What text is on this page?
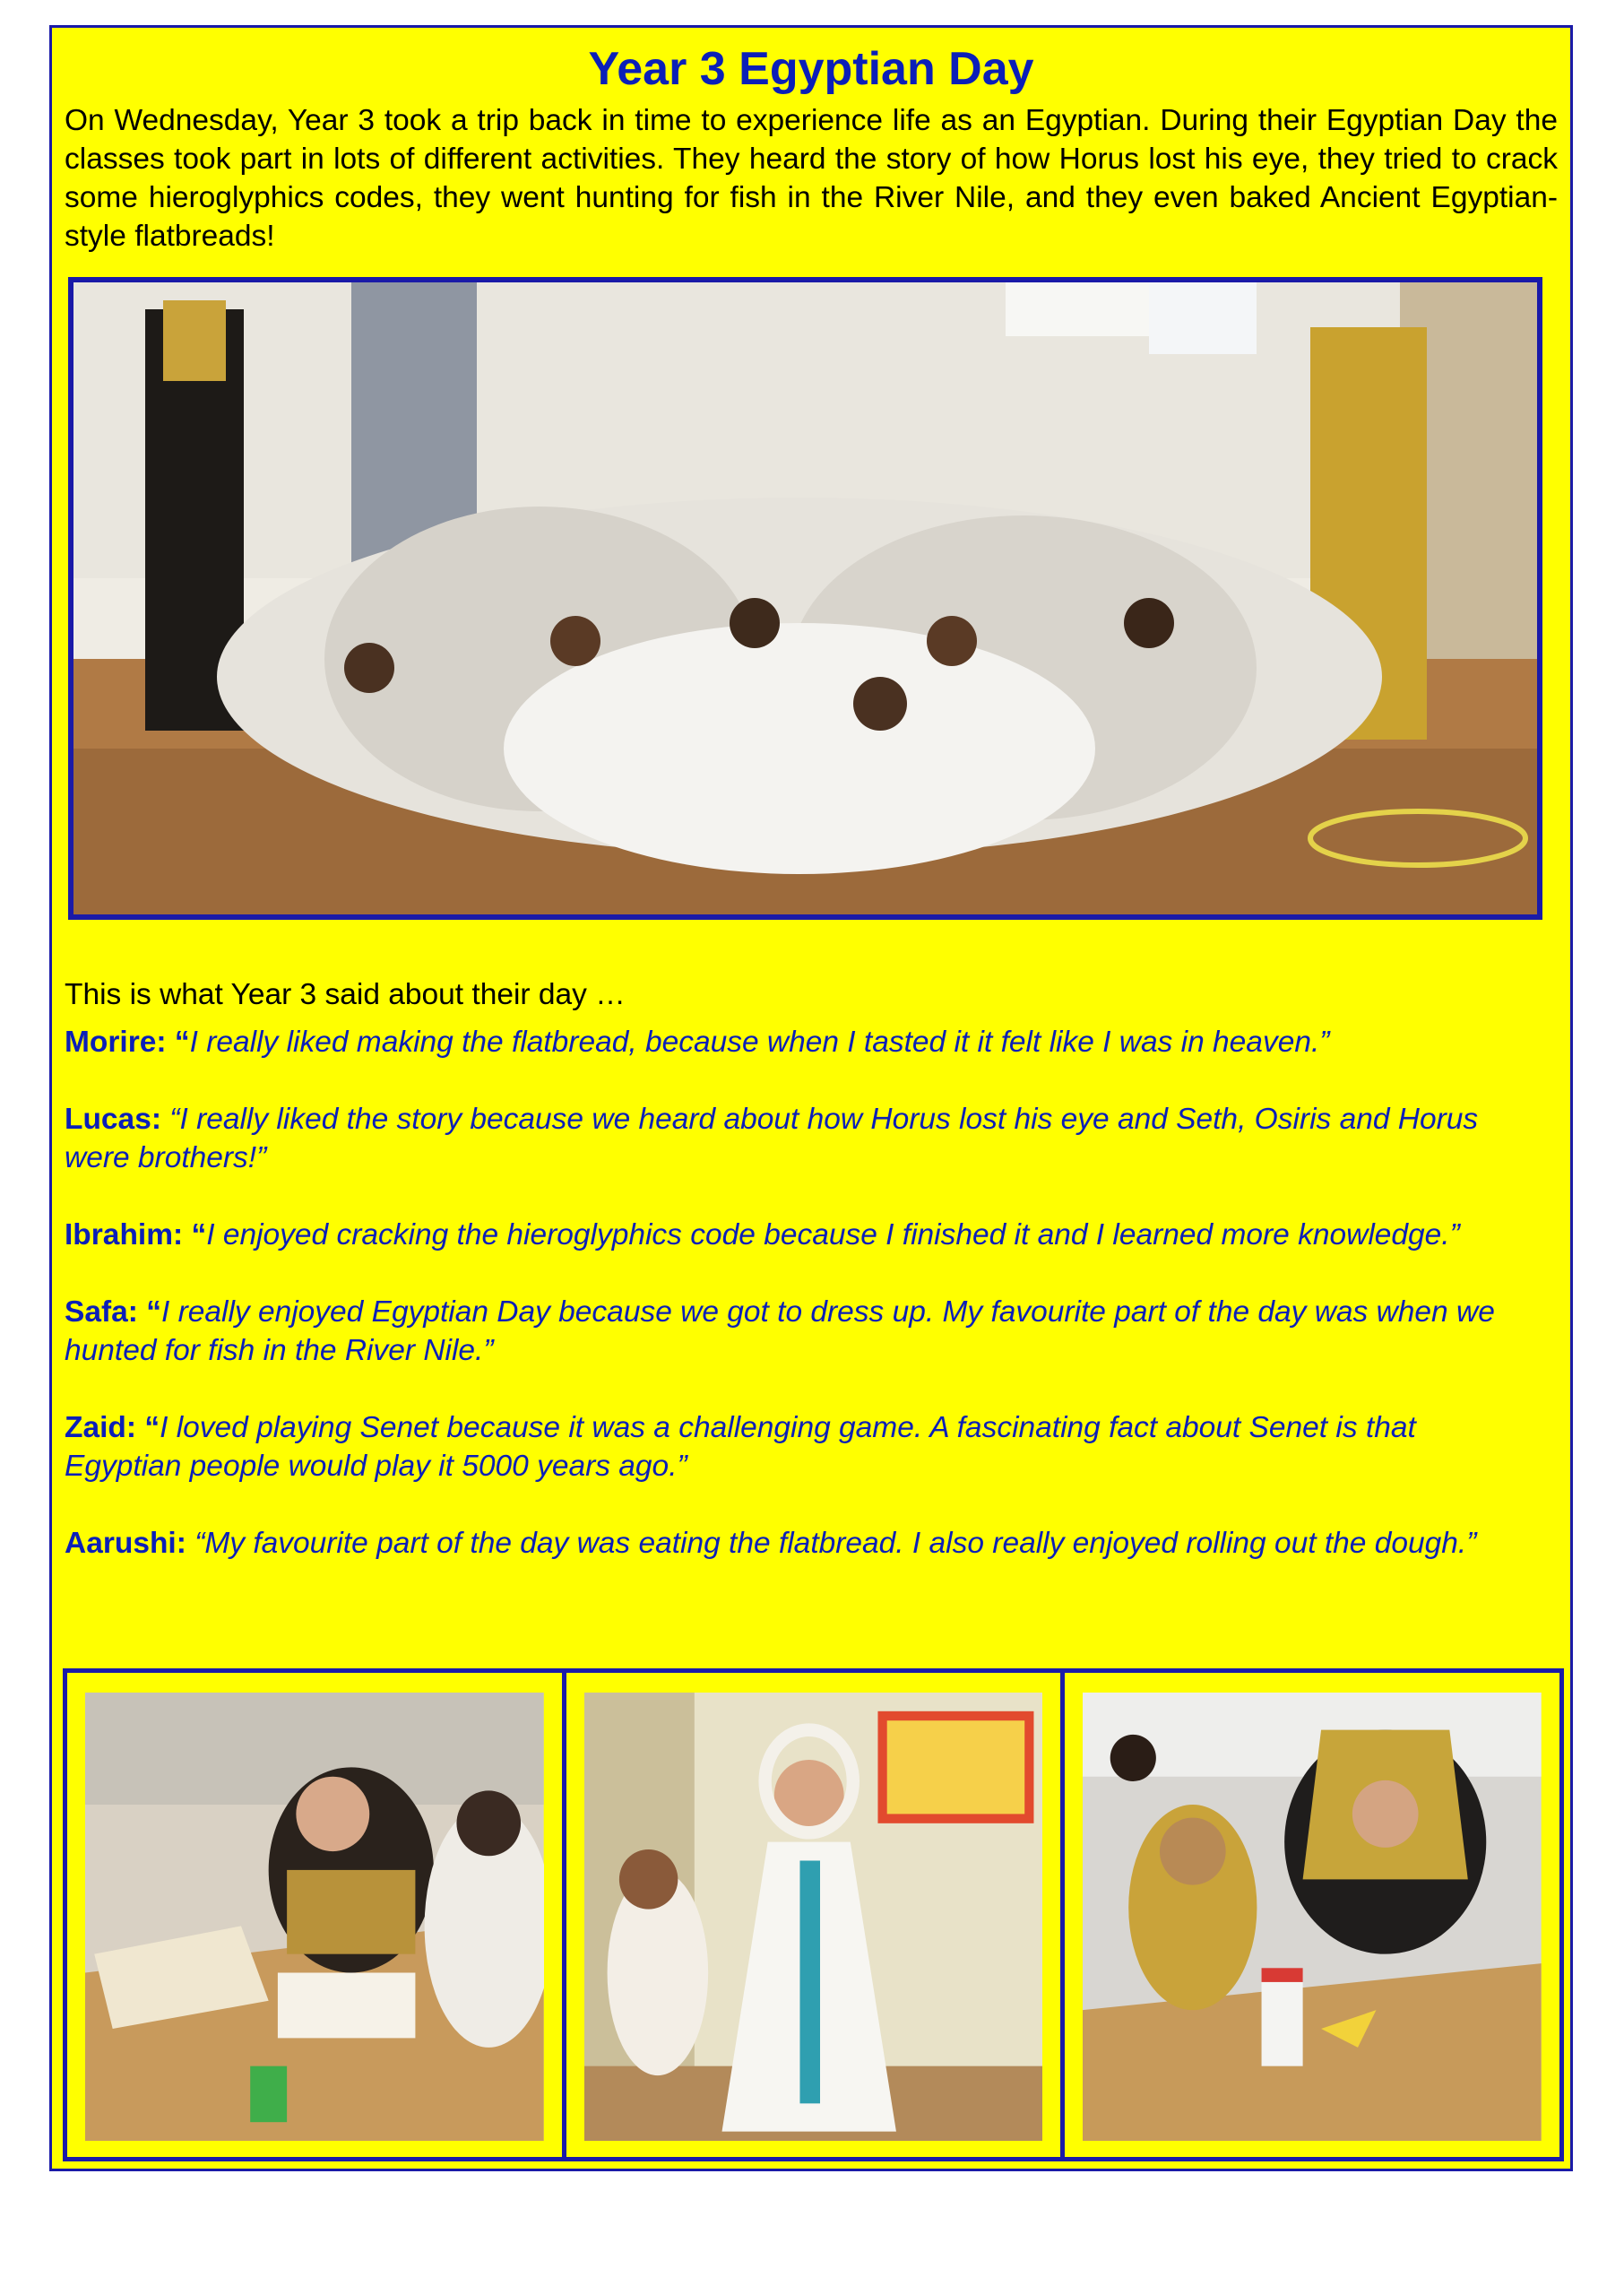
Year 3 Egyptian Day

On Wednesday, Year 3 took a trip back in time to experience life as an Egyptian. During their Egyptian Day the classes took part in lots of different activities. They heard the story of how Horus lost his eye, they tried to crack some hieroglyphics codes, they went hunting for fish in the River Nile, and they even baked Ancient Egyptian-style flatbreads!

This is what Year 3 said about their day …

Morire: “I really liked making the flatbread, because when I tasted it it felt like I was in heaven.”
Lucas: “I really liked the story because we heard about how Horus lost his eye and Seth, Osiris and Horus were brothers!”
Ibrahim: “I enjoyed cracking the hieroglyphics code because I finished it and I learned more knowledge.”
Safa: “I really enjoyed Egyptian Day because we got to dress up. My favourite part of the day was when we hunted for fish in the River Nile.”
Zaid: “I loved playing Senet because it was a challenging game. A fascinating fact about Senet is that Egyptian people would play it 5000 years ago.”
Aarushi: “My favourite part of the day was eating the flatbread. I also really enjoyed rolling out the dough.”
